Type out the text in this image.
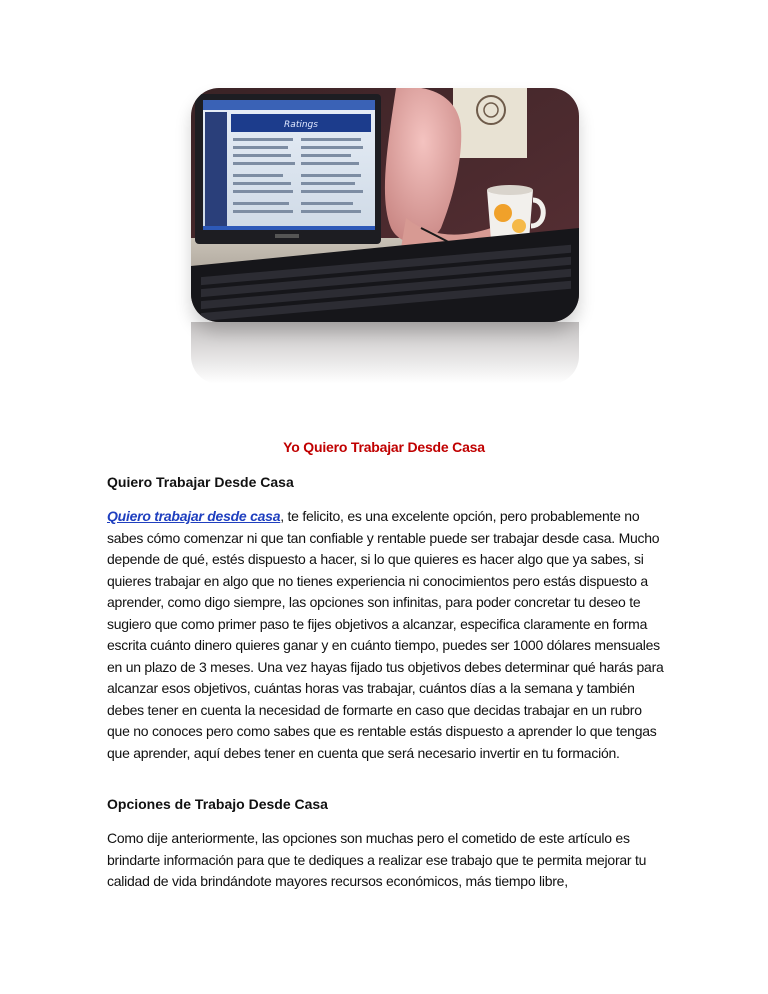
Ratings
Yo Quiero Trabajar Desde Casa
Quiero Trabajar Desde Casa
Quiero trabajar desde casa, te felicito, es una excelente opción, pero probablemente no sabes cómo comenzar ni que tan confiable y rentable puede ser trabajar desde casa. Mucho depende de qué, estés dispuesto a hacer, si lo que quieres es hacer algo que ya sabes, si quieres trabajar en algo que no tienes experiencia ni conocimientos pero estás dispuesto a aprender, como digo siempre, las opciones son infinitas, para poder concretar tu deseo te sugiero que como primer paso te fijes objetivos a alcanzar, especifica claramente en forma escrita cuánto dinero quieres ganar y en cuánto tiempo, puedes ser 1000 dólares mensuales en un plazo de 3 meses. Una vez hayas fijado tus objetivos debes determinar qué harás para alcanzar esos objetivos, cuántas horas vas trabajar, cuántos días a la semana y también debes tener en cuenta la necesidad de formarte en caso que decidas trabajar en un rubro que no conoces pero como sabes que es rentable estás dispuesto a aprender lo que tengas que aprender, aquí debes tener en cuenta que será necesario invertir en tu formación.
Opciones de Trabajo Desde Casa
Como dije anteriormente, las opciones son muchas pero el cometido de este artículo es brindarte información para que te dediques a realizar ese trabajo que te permita mejorar tu calidad de vida brindándote mayores recursos económicos, más tiempo libre,
